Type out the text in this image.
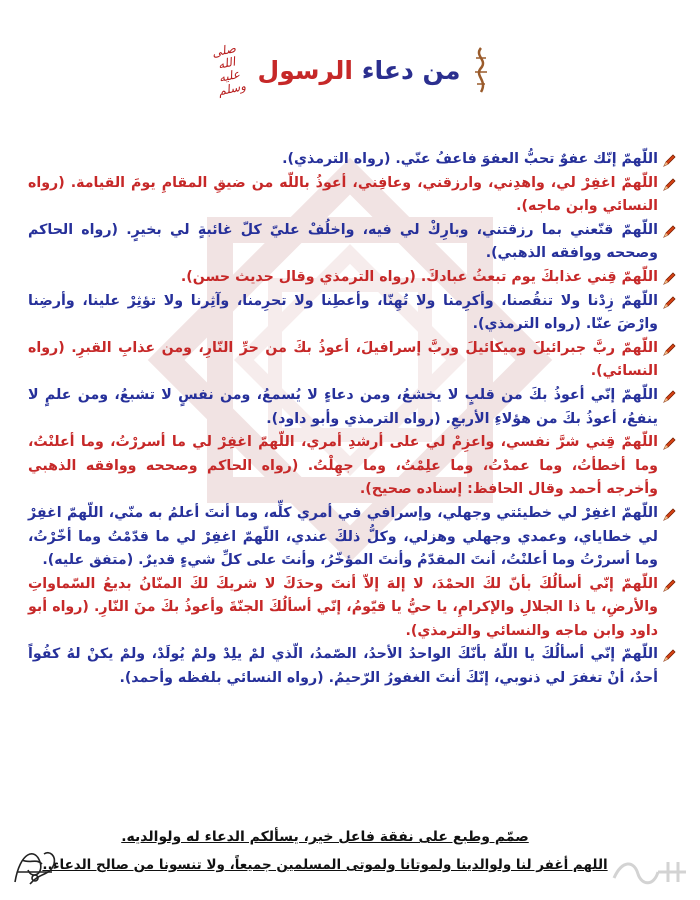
من دعاء الرسول
صلى الله عليه وسلم

اللّهمّ إنّك عفوٌ تحبُّ العفوَ فاعفُ عنّي. (رواه الترمذي).

اللّهمّ اغفِرْ لي، واهدِني، وارزقني، وعافِني، أعوذُ باللّه من ضيقِ المقامِ يومَ القيامة. (رواه النسائي وابن ماجه).

اللّهمّ قنّعني بما رزقتني، وبارِكْ لي فيه، واخلُفْ عليّ كلّ غائبةٍ لي بخيرٍ. (رواه الحاكم وصححه ووافقه الذهبي).

اللّهمّ قِني عذابكَ يوم تبعثُ عبادكَ. (رواه الترمذي وقال حديث حسن).

اللّهمّ زِدْنا ولا تنقُصنا، وأكرِمنا ولا تُهِنّا، وأعطِنا ولا تحرِمنا، وآثِرنا ولا تؤثِرْ علينا، وأرضِنا وارْضَ عنّا. (رواه الترمذي).

اللّهمّ ربَّ جبرائيلَ وميكائيلَ وربَّ إسرافيلَ، أعوذُ بكَ من حرِّ النّارِ، ومن عذابِ القبرِ. (رواه النسائي).

اللّهمّ إنّي أعوذُ بكَ من قلبٍ لا يخشعُ، ومن دعاءٍ لا يُسمعُ، ومن نفسٍ لا تشبعُ، ومن علمٍ لا ينفعُ، أعوذُ بكَ من هؤلاءِ الأربعِ. (رواه الترمذي وأبو داود).

اللّهمّ قِني شرَّ نفسي، واعزِمْ لي على أرشدِ أمري، اللّهمّ اغفِرْ لي ما أسررْتُ، وما أعلنْتُ، وما أخطأتُ، وما عمدْتُ، وما علِمْتُ، وما جهِلْتُ. (رواه الحاكم وصححه ووافقه الذهبي وأخرجه أحمد وقال الحافظ: إسناده صحيح).

اللّهمّ اغفِرْ لي خطيئتي وجهلي، وإسرافي في أمري كلِّه، وما أنتَ أعلمُ به منّي، اللّهمّ اغفِرْ لي خطاياي، وعمدي وجهلي وهزلي، وكلُّ ذلكَ عندي، اللّهمّ اغفِرْ لي ما قدّمْتُ وما أخّرْتُ، وما أسررْتُ وما أعلنْتُ، أنتَ المقدّمُ وأنتَ المؤخّرُ، وأنتَ على كلِّ شيءٍ قديرٌ. (متفق عليه).

اللّهمّ إنّي أسألُكَ بأنّ لكَ الحمْدَ، لا إلهَ إلاّ أنتَ وحدَكَ لا شريكَ لكَ المنّانُ بديعُ السّماواتِ والأرضِ، يا ذا الجلالِ والإكرامِ، يا حيُّ يا قيّومُ، إنّي أسألُكَ الجنّةَ وأعوذُ بكَ منَ النّارِ. (رواه أبو داود وابن ماجه والنسائي والترمذي).

اللّهمّ إنّي أسألُكَ يا اللّهُ بأنّكَ الواحدُ الأحدُ، الصّمدُ، الّذي لمْ يلِدْ ولمْ يُولَدْ، ولمْ يكنْ لهُ كفُواً أحدٌ، أنْ تغفرَ لي ذنوبي، إنّكَ أنتَ الغفورُ الرّحيمُ. (رواه النسائي بلفظه وأحمد).

صمّم وطبع على نفقة فاعل خير، يسألكم الدعاء له ولوالديه.
اللهم أغفر لنا ولوالدينا ولموتانا ولموتى المسلمين جميعاً، ولا تنسونا من صالح الدعاء..
